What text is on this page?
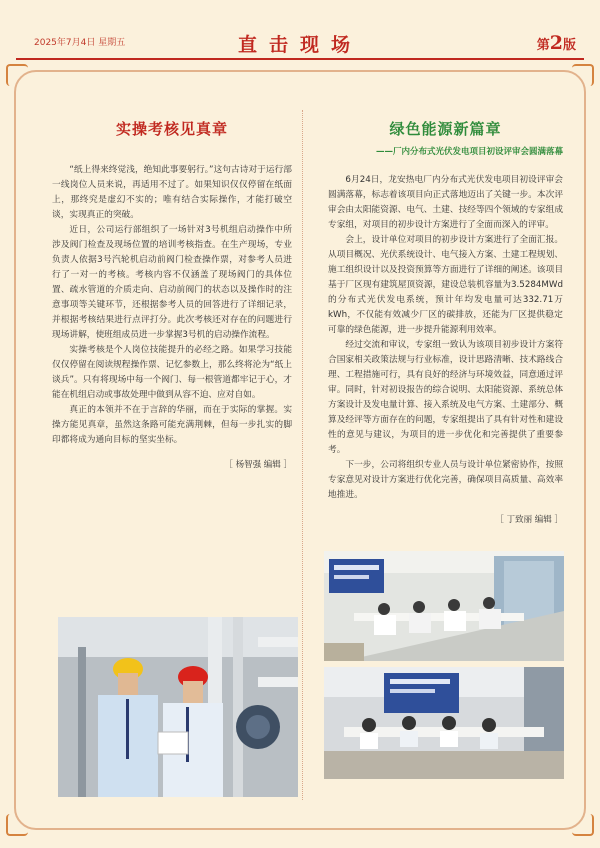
2025年7月4日 星期五	直击现场	第2版
实操考核见真章

“纸上得来终觉浅，绝知此事要躬行。”这句古诗对于运行部一线岗位人员来说，再适用不过了。如果知识仅仅停留在纸面上，那终究是虚幻不实的；唯有结合实际操作，才能打破空谈，实现真正的突破。

近日，公司运行部组织了一场针对3号机组启动操作中所涉及阀门检查及现场位置的培训考核指查。在生产现场，专业负责人依据3号汽轮机启动前阀门检查操作票，对参考人员进行了一对一的考核。考核内容不仅涵盖了现场阀门的具体位置、疏水管道的介质走向、启动前阀门的状态以及操作时的注意事项等关键环节，还根据参考人员的回答进行了详细记录，并根据考核结果进行点评打分。此次考核还对存在的问题进行现场讲解，使班组成员进一步掌握3号机的启动操作流程。

实操考核是个人岗位技能提升的必经之路。如果学习技能仅仅停留在阅读规程操作票、记忆参数上，那么终将沦为“纸上谈兵”。只有将现场中每一个阀门、每一根管道都牢记于心，才能在机组启动或事故处理中做到从容不迫、应对自如。

真正的本领并不在于言辞的华丽，而在于实际的掌握。实操方能见真章，虽然这条路可能充满荆棘，但每一步扎实的脚印都将成为通向目标的坚实坐标。

［ 杨智强 编辑 ］
绿色能源新篇章
——厂内分布式光伏发电项目初设评审会圆满落幕

6月24日，龙安热电厂内分布式光伏发电项目初设评审会圆满落幕，标志着该项目向正式落地迈出了关键一步。本次评审会由太阳能资源、电气、土建、技经等四个领域的专家组成专家组，对项目的初步设计方案进行了全面而深入的评审。

会上，设计单位对项目的初步设计方案进行了全面汇报。从项目概况、光伏系统设计、电气接入方案、土建工程规划、施工组织设计以及投资预算等方面进行了详细的阐述。该项目基于厂区现有建筑屋顶资源，建设总装机容量为3.5284MWd的分布式光伏发电系统，预计年均发电量可达332.71万kWh，不仅能有效减少厂区的碳排放，还能为厂区提供稳定可靠的绿色能源，进一步提升能源利用效率。

经过交流和审议，专家组一致认为该项目初步设计方案符合国家相关政策法规与行业标准，设计思路清晰、技术路线合理、工程措施可行，具有良好的经济与环境效益，同意通过评审。同时，针对初设报告的综合说明、太阳能资源、系统总体方案设计及发电量计算、接入系统及电气方案、土建部分、概算及经评等方面存在的问题，专家组提出了具有针对性和建设性的意见与建议，为项目的进一步优化和完善提供了重要参考。

下一步，公司将组织专业人员与设计单位紧密协作，按照专家意见对设计方案进行优化完善，确保项目高质量、高效率地推进。

［ 丁致丽 编辑 ］
